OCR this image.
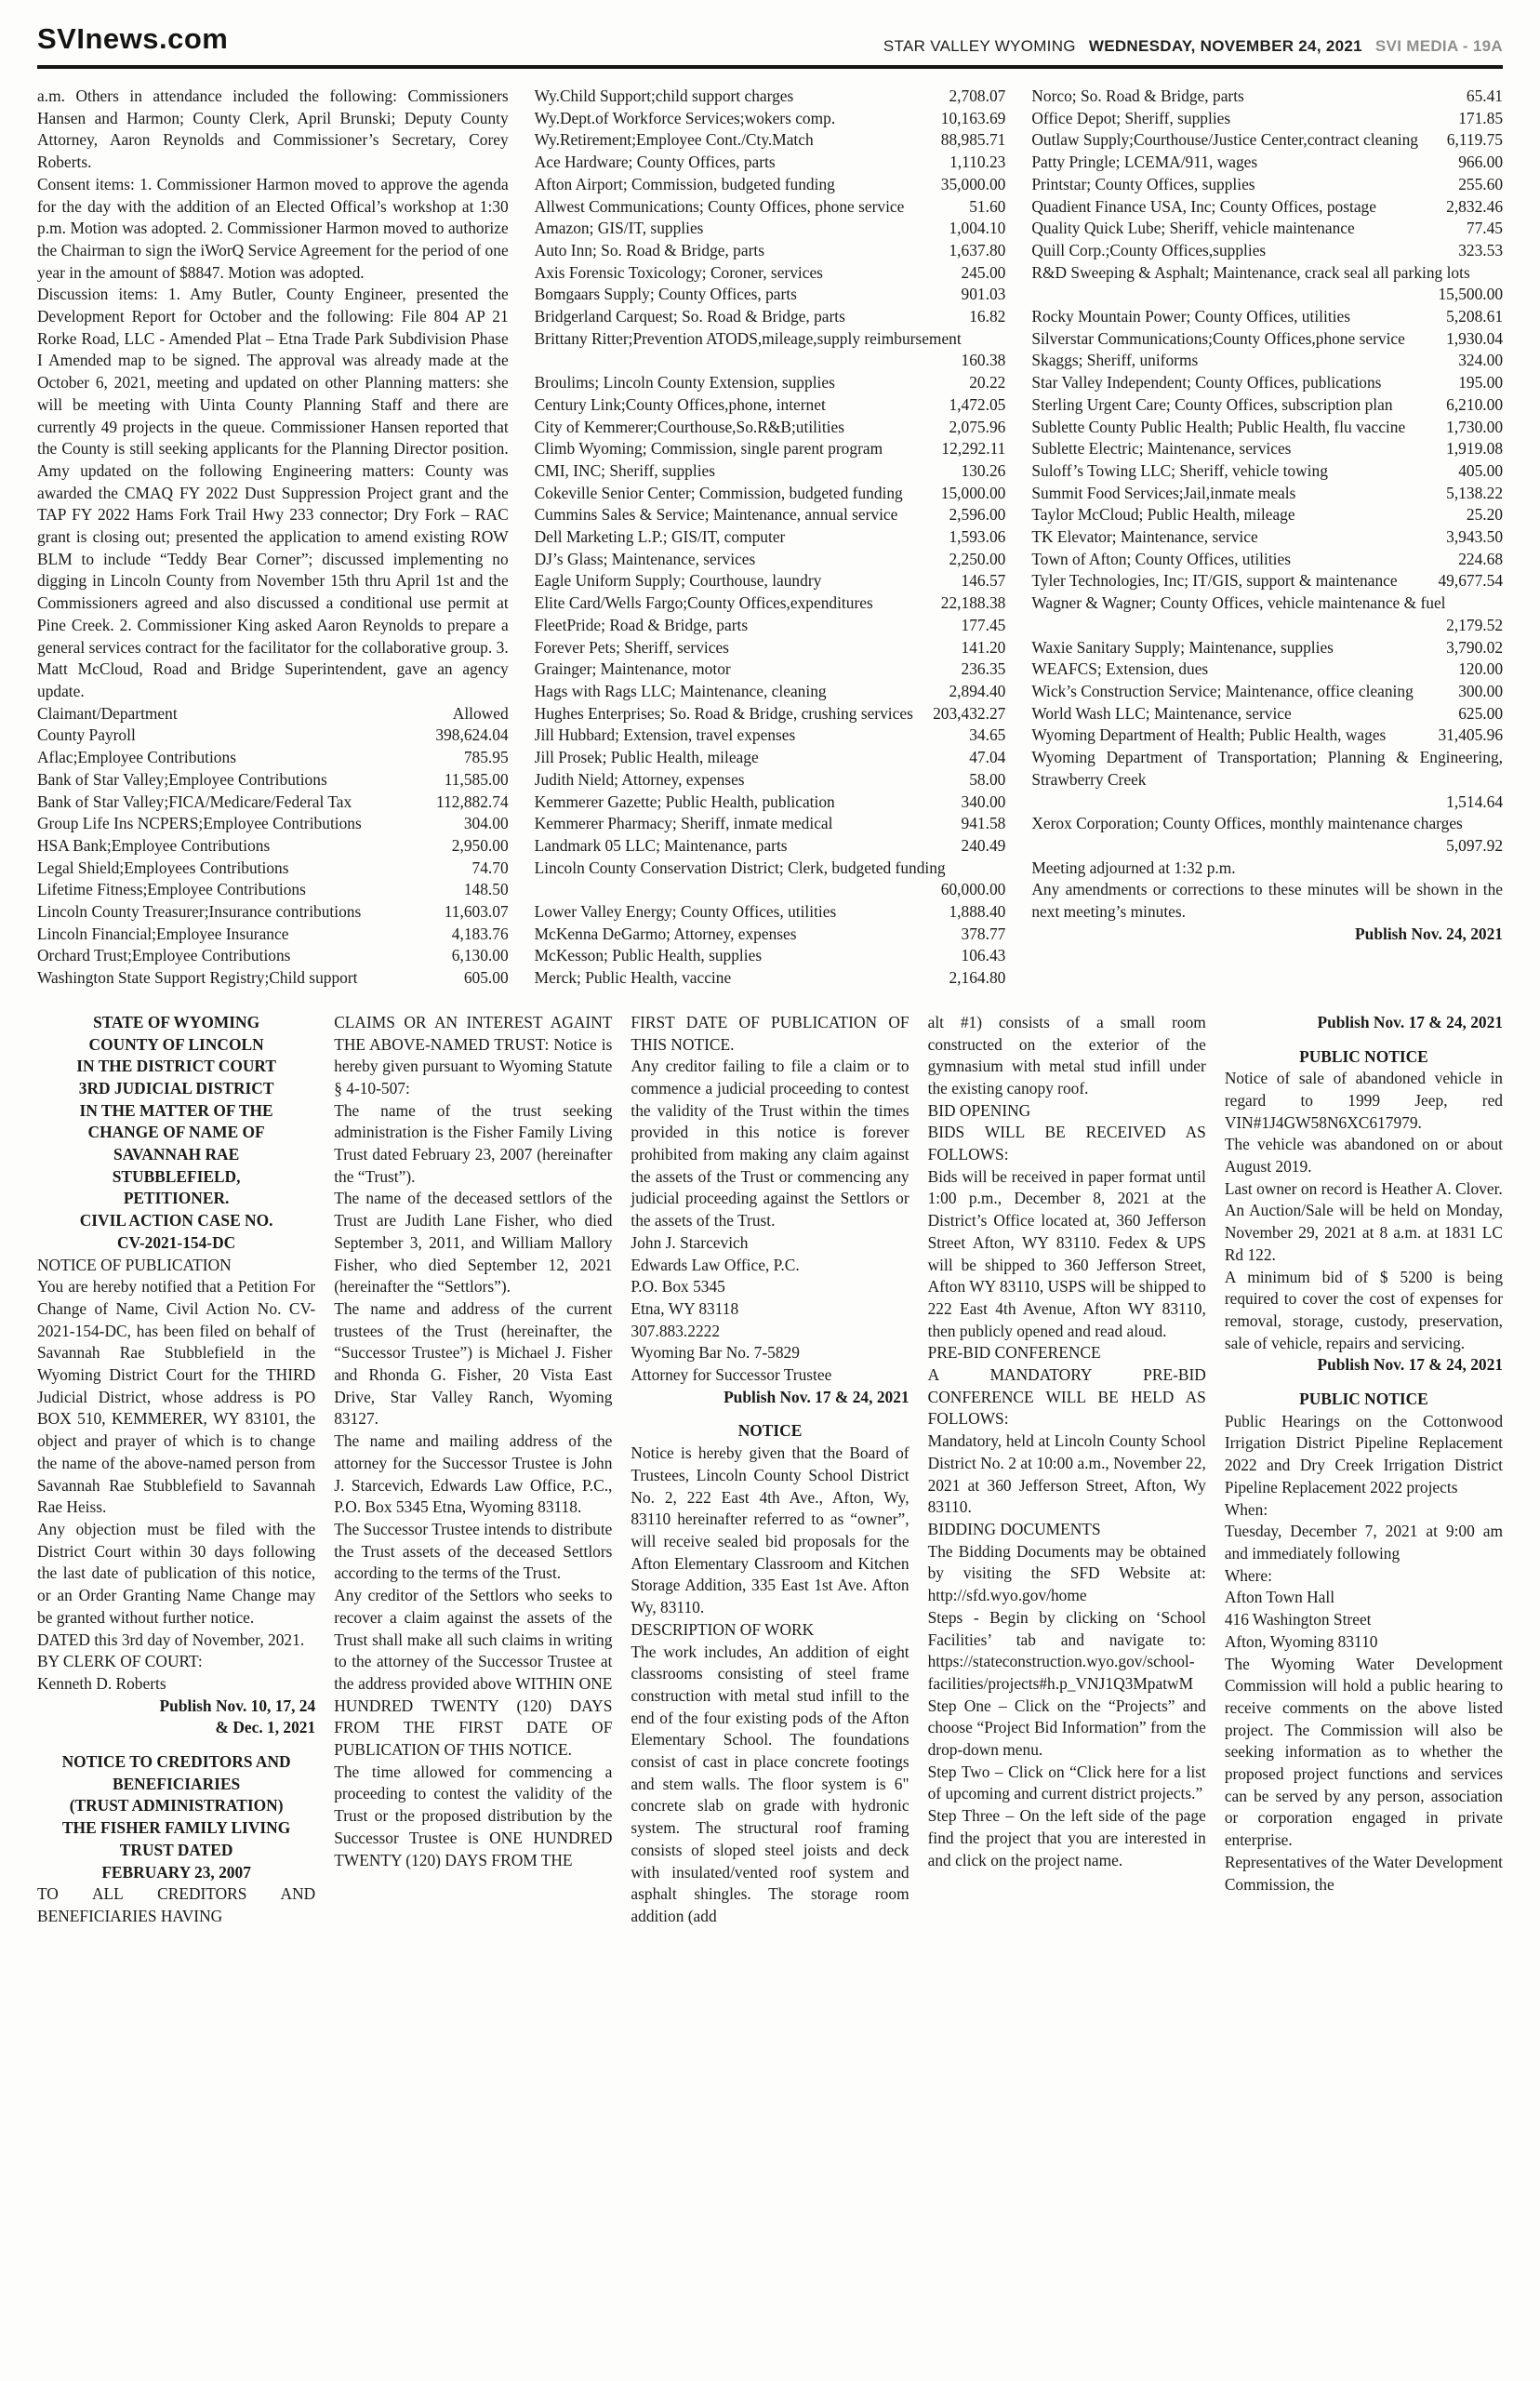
SVInews.com	STAR VALLEY WYOMING WEDNESDAY, NOVEMBER 24, 2021 SVI MEDIA - 19A
a.m. Others in attendance included the following: Commissioners Hansen and Harmon; County Clerk, April Brunski; Deputy County Attorney, Aaron Reynolds and Commissioner’s Secretary, Corey Roberts.
Consent items: 1. Commissioner Harmon moved to approve the agenda for the day with the addition of an Elected Offical’s workshop at 1:30 p.m. Motion was adopted. 2. Commissioner Harmon moved to authorize the Chairman to sign the iWorQ Service Agreement for the period of one year in the amount of $8847. Motion was adopted.
Discussion items: 1. Amy Butler, County Engineer, presented the Development Report for October and the following: File 804 AP 21 Rorke Road, LLC - Amended Plat – Etna Trade Park Subdivision Phase I Amended map to be signed. The approval was already made at the October 6, 2021, meeting and updated on other Planning matters: she will be meeting with Uinta County Planning Staff and there are currently 49 projects in the queue. Commissioner Hansen reported that the County is still seeking applicants for the Planning Director position. Amy updated on the following Engineering matters: County was awarded the CMAQ FY 2022 Dust Suppression Project grant and the TAP FY 2022 Hams Fork Trail Hwy 233 connector; Dry Fork – RAC grant is closing out; presented the application to amend existing ROW BLM to include “Teddy Bear Corner”; discussed implementing no digging in Lincoln County from November 15th thru April 1st and the Commissioners agreed and also discussed a conditional use permit at Pine Creek. 2. Commissioner King asked Aaron Reynolds to prepare a general services contract for the facilitator for the collaborative group. 3. Matt McCloud, Road and Bridge Superintendent, gave an agency update.
Claimant/Department	Allowed
County Payroll	398,624.04
Aflac;Employee Contributions	785.95
Bank of Star Valley;Employee Contributions	11,585.00
Bank of Star Valley;FICA/Medicare/Federal Tax	112,882.74
Group Life Ins NCPERS;Employee Contributions	304.00
HSA Bank;Employee Contributions	2,950.00
Legal Shield;Employees Contributions	74.70
Lifetime Fitness;Employee Contributions	148.50
Lincoln County Treasurer;Insurance contributions	11,603.07
Lincoln Financial;Employee Insurance	4,183.76
Orchard Trust;Employee Contributions	6,130.00
Washington State Support Registry;Child support	605.00
Wy.Child Support;child support charges	2,708.07
Wy.Dept.of Workforce Services;wokers comp.	10,163.69
Wy.Retirement;Employee Cont./Cty.Match	88,985.71
Ace Hardware; County Offices, parts	1,110.23
Afton Airport; Commission, budgeted funding	35,000.00
Allwest Communications; County Offices, phone service	51.60
Amazon; GIS/IT, supplies	1,004.10
Auto Inn; So. Road & Bridge, parts	1,637.80
Axis Forensic Toxicology; Coroner, services	245.00
Bomgaars Supply; County Offices, parts	901.03
Bridgerland Carquest; So. Road & Bridge, parts	16.82
Brittany Ritter;Prevention ATODS,mileage,supply reimbursement
160.38
Broulims; Lincoln County Extension, supplies	20.22
Century Link;County Offices,phone, internet	1,472.05
City of Kemmerer;Courthouse,So.R&B;utilities	2,075.96
Climb Wyoming; Commission, single parent program	12,292.11
CMI, INC; Sheriff, supplies	130.26
Cokeville Senior Center; Commission, budgeted funding	15,000.00
Cummins Sales & Service; Maintenance, annual service	2,596.00
Dell Marketing L.P.; GIS/IT, computer	1,593.06
DJ’s Glass; Maintenance, services	2,250.00
Eagle Uniform Supply; Courthouse, laundry	146.57
Elite Card/Wells Fargo;County Offices,expenditures	22,188.38
FleetPride; Road & Bridge, parts	177.45
Forever Pets; Sheriff, services	141.20
Grainger; Maintenance, motor	236.35
Hags with Rags LLC; Maintenance, cleaning	2,894.40
Hughes Enterprises; So. Road & Bridge, crushing services	203,432.27
Jill Hubbard; Extension, travel expenses	34.65
Jill Prosek; Public Health, mileage	47.04
Judith Nield; Attorney, expenses	58.00
Kemmerer Gazette; Public Health, publication	340.00
Kemmerer Pharmacy; Sheriff, inmate medical	941.58
Landmark 05 LLC; Maintenance, parts	240.49
Lincoln County Conservation District; Clerk, budgeted funding
60,000.00
Lower Valley Energy; County Offices, utilities	1,888.40
McKenna DeGarmo; Attorney, expenses	378.77
McKesson; Public Health, supplies	106.43
Merck; Public Health, vaccine	2,164.80
Norco; So. Road & Bridge, parts	65.41
Office Depot; Sheriff, supplies	171.85
Outlaw Supply;Courthouse/Justice Center,contract cleaning	6,119.75
Patty Pringle; LCEMA/911, wages	966.00
Printstar; County Offices, supplies	255.60
Quadient Finance USA, Inc; County Offices, postage	2,832.46
Quality Quick Lube; Sheriff, vehicle maintenance	77.45
Quill Corp.;County Offices,supplies	323.53
R&D Sweeping & Asphalt; Maintenance, crack seal all parking lots
15,500.00
Rocky Mountain Power; County Offices, utilities	5,208.61
Silverstar Communications;County Offices,phone service	1,930.04
Skaggs; Sheriff, uniforms	324.00
Star Valley Independent; County Offices, publications	195.00
Sterling Urgent Care; County Offices, subscription plan	6,210.00
Sublette County Public Health; Public Health, flu vaccine	1,730.00
Sublette Electric; Maintenance, services	1,919.08
Suloff’s Towing LLC; Sheriff, vehicle towing	405.00
Summit Food Services;Jail,inmate meals	5,138.22
Taylor McCloud; Public Health, mileage	25.20
TK Elevator; Maintenance, service	3,943.50
Town of Afton; County Offices, utilities	224.68
Tyler Technologies, Inc; IT/GIS, support & maintenance	49,677.54
Wagner & Wagner; County Offices, vehicle maintenance & fuel
2,179.52
Waxie Sanitary Supply; Maintenance, supplies	3,790.02
WEAFCS; Extension, dues	120.00
Wick’s Construction Service; Maintenance, office cleaning	300.00
World Wash LLC; Maintenance, service	625.00
Wyoming Department of Health; Public Health, wages	31,405.96
Wyoming Department of Transportation; Planning & Engineering, Strawberry Creek
1,514.64
Xerox Corporation; County Offices, monthly maintenance charges
5,097.92
Meeting adjourned at 1:32 p.m.
Any amendments or corrections to these minutes will be shown in the next meeting’s minutes.
Publish Nov. 24, 2021
STATE OF WYOMING
COUNTY OF LINCOLN
IN THE DISTRICT COURT
3RD JUDICIAL DISTRICT
IN THE MATTER OF THE
CHANGE OF NAME OF
SAVANNAH RAE
STUBBLEFIELD,
PETITIONER.
CIVIL ACTION CASE NO.
CV-2021-154-DC
NOTICE OF PUBLICATION
You are hereby notified that a Petition For Change of Name, Civil Action No. CV-2021-154-DC, has been filed on behalf of Savannah Rae Stubblefield in the Wyoming District Court for the THIRD Judicial District, whose address is PO BOX 510, KEMMERER, WY 83101, the object and prayer of which is to change the name of the above-named person from Savannah Rae Stubblefield to Savannah Rae Heiss.
Any objection must be filed with the District Court within 30 days following the last date of publication of this notice, or an Order Granting Name Change may be granted without further notice.
DATED this 3rd day of November, 2021.
BY CLERK OF COURT:
Kenneth D. Roberts
Publish Nov. 10, 17, 24
& Dec. 1, 2021
NOTICE TO CREDITORS AND
BENEFICIARIES
(TRUST ADMINISTRATION)
THE FISHER FAMILY LIVING
TRUST DATED
FEBRUARY 23, 2007
TO ALL CREDITORS AND BENEFICIARIES HAVING
CLAIMS OR AN INTEREST AGAINT THE ABOVE-NAMED TRUST: Notice is hereby given pursuant to Wyoming Statute § 4-10-507:
The name of the trust seeking administration is the Fisher Family Living Trust dated February 23, 2007 (hereinafter the “Trust”).
The name of the deceased settlors of the Trust are Judith Lane Fisher, who died September 3, 2011, and William Mallory Fisher, who died September 12, 2021 (hereinafter the “Settlors”).
The name and address of the current trustees of the Trust (hereinafter, the “Successor Trustee”) is Michael J. Fisher and Rhonda G. Fisher, 20 Vista East Drive, Star Valley Ranch, Wyoming 83127.
The name and mailing address of the attorney for the Successor Trustee is John J. Starcevich, Edwards Law Office, P.C., P.O. Box 5345 Etna, Wyoming 83118.
The Successor Trustee intends to distribute the Trust assets of the deceased Settlors according to the terms of the Trust.
Any creditor of the Settlors who seeks to recover a claim against the assets of the Trust shall make all such claims in writing to the attorney of the Successor Trustee at the address provided above WITHIN ONE HUNDRED TWENTY (120) DAYS FROM THE FIRST DATE OF PUBLICATION OF THIS NOTICE.
The time allowed for commencing a proceeding to contest the validity of the Trust or the proposed distribution by the Successor Trustee is ONE HUNDRED TWENTY (120) DAYS FROM THE
FIRST DATE OF PUBLICATION OF THIS NOTICE.
Any creditor failing to file a claim or to commence a judicial proceeding to contest the validity of the Trust within the times provided in this notice is forever prohibited from making any claim against the assets of the Trust or commencing any judicial proceeding against the Settlors or the assets of the Trust.
John J. Starcevich
Edwards Law Office, P.C.
P.O. Box 5345
Etna, WY 83118
307.883.2222
Wyoming Bar No. 7-5829
Attorney for Successor Trustee
Publish Nov. 17 & 24, 2021
NOTICE
Notice is hereby given that the Board of Trustees, Lincoln County School District No. 2, 222 East 4th Ave., Afton, Wy, 83110 hereinafter referred to as “owner”, will receive sealed bid proposals for the Afton Elementary Classroom and Kitchen Storage Addition, 335 East 1st Ave. Afton Wy, 83110.
DESCRIPTION OF WORK
The work includes, An addition of eight classrooms consisting of steel frame construction with metal stud infill to the end of the four existing pods of the Afton Elementary School. The foundations consist of cast in place concrete footings and stem walls. The floor system is 6" concrete slab on grade with hydronic system. The structural roof framing consists of sloped steel joists and deck with insulated/vented roof system and asphalt shingles. The storage room addition (add
alt #1) consists of a small room constructed on the exterior of the gymnasium with metal stud infill under the existing canopy roof.
BID OPENING
BIDS WILL BE RECEIVED AS FOLLOWS:
Bids will be received in paper format until 1:00 p.m., December 8, 2021 at the District’s Office located at, 360 Jefferson Street Afton, WY 83110. Fedex & UPS will be shipped to 360 Jefferson Street, Afton WY 83110, USPS will be shipped to 222 East 4th Avenue, Afton WY 83110, then publicly opened and read aloud.
PRE-BID CONFERENCE
A MANDATORY PRE-BID CONFERENCE WILL BE HELD AS FOLLOWS:
Mandatory, held at Lincoln County School District No. 2 at 10:00 a.m., November 22, 2021 at 360 Jefferson Street, Afton, Wy 83110.
BIDDING DOCUMENTS
The Bidding Documents may be obtained by visiting the SFD Website at: http://sfd.wyo.gov/home
Steps - Begin by clicking on ‘School Facilities’ tab and navigate to: https://stateconstruction.wyo.gov/school-facilities/projects#h.p_VNJ1Q3MpatwM
Step One – Click on the “Projects” and choose “Project Bid Information” from the drop-down menu.
Step Two – Click on “Click here for a list of upcoming and current district projects.”
Step Three – On the left side of the page find the project that you are interested in and click on the project name.
Publish Nov. 17 & 24, 2021
PUBLIC NOTICE
Notice of sale of abandoned vehicle in regard to 1999 Jeep, red VIN#1J4GW58N6XC617979.
The vehicle was abandoned on or about August 2019.
Last owner on record is Heather A. Clover.
An Auction/Sale will be held on Monday, November 29, 2021 at 8 a.m. at 1831 LC Rd 122.
A minimum bid of $ 5200 is being required to cover the cost of expenses for removal, storage, custody, preservation, sale of vehicle, repairs and servicing.
Publish Nov. 17 & 24, 2021
PUBLIC NOTICE
Public Hearings on the Cottonwood Irrigation District Pipeline Replacement 2022 and Dry Creek Irrigation District Pipeline Replacement 2022 projects
When:
Tuesday, December 7, 2021 at 9:00 am and immediately following
Where:
Afton Town Hall
416 Washington Street
Afton, Wyoming 83110
The Wyoming Water Development Commission will hold a public hearing to receive comments on the above listed project. The Commission will also be seeking information as to whether the proposed project functions and services can be served by any person, association or corporation engaged in private enterprise.
Representatives of the Water Development Commission, the
